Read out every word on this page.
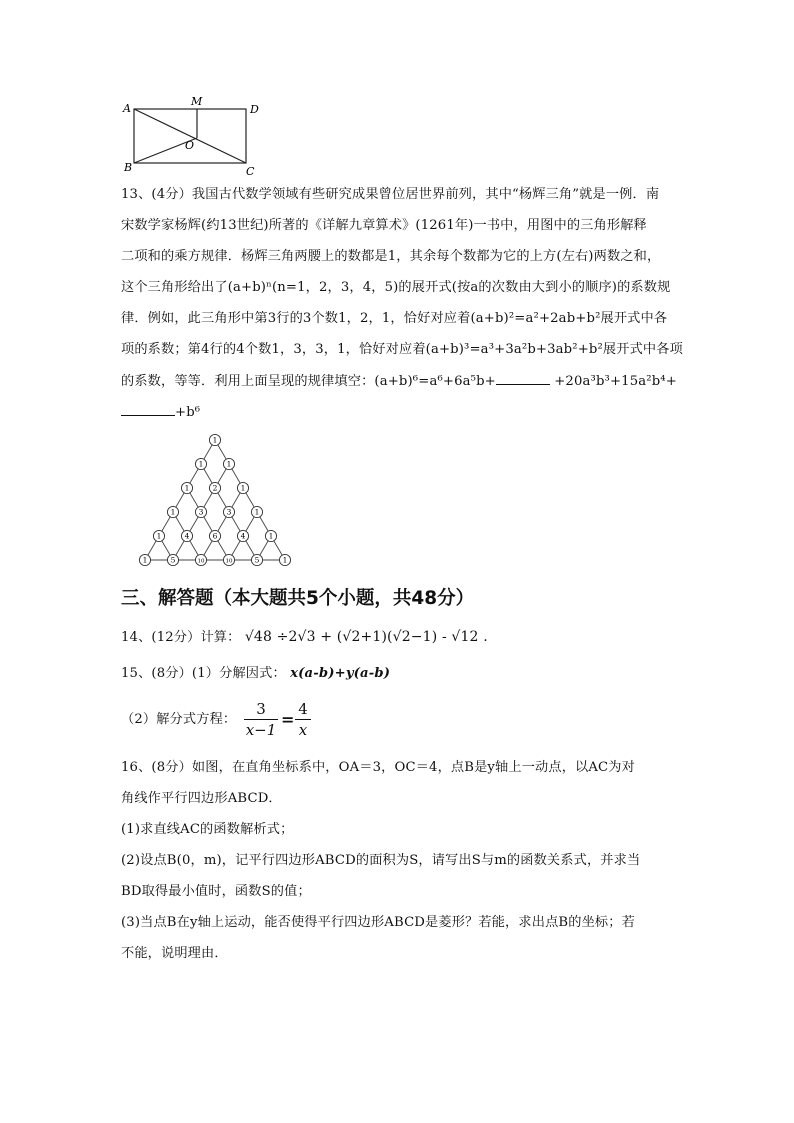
A
M
D
B
O
C
13、(4分）我国古代数学领域有些研究成果曾位居世界前列，其中“杨辉三角”就是一例．南
宋数学家杨辉(约13世纪)所著的《详解九章算术》(1261年)一书中，用图中的三角形解释
二项和的乘方规律．杨辉三角两腰上的数都是1，其余每个数都为它的上方(左右)两数之和，
这个三角形给出了(a+b)ⁿ(n=1，2，3，4，5)的展开式(按a的次数由大到小的顺序)的系数规
律．例如，此三角形中第3行的3个数1，2，1，恰好对应着(a+b)²=a²+2ab+b²展开式中各
项的系数；第4行的4个数1，3，3，1，恰好对应着(a+b)³=a³+3a²b+3ab²+b²展开式中各项
的系数，等等．利用上面呈现的规律填空：(a+b)⁶=a⁶+6a⁵b+	+20a³b³+15a²b⁴+
+b⁶
1
1	1
1	2	1
1	3	3	1
1	4	6	4	1
1	5	10	10	5	1
三、解答题（本大题共5个小题，共48分）
14、(12分）计算： √48 ÷2√3 + (√2+1)(√2−1) - √12 .
15、(8分）(1）分解因式： x(a-b)+y(a-b)
（2）解分式方程： $\frac{3}{x-1} = \frac{4}{x}$
16、(8分）如图，在直角坐标系中，OA＝3，OC＝4，点B是y轴上一动点，以AC为对
角线作平行四边形ABCD．
(1)求直线AC的函数解析式；
(2)设点B(0，m)，记平行四边形ABCD的面积为S，请写出S与m的函数关系式，并求当
BD取得最小值时，函数S的值；
(3)当点B在y轴上运动，能否使得平行四边形ABCD是菱形？若能，求出点B的坐标；若
不能，说明理由．
